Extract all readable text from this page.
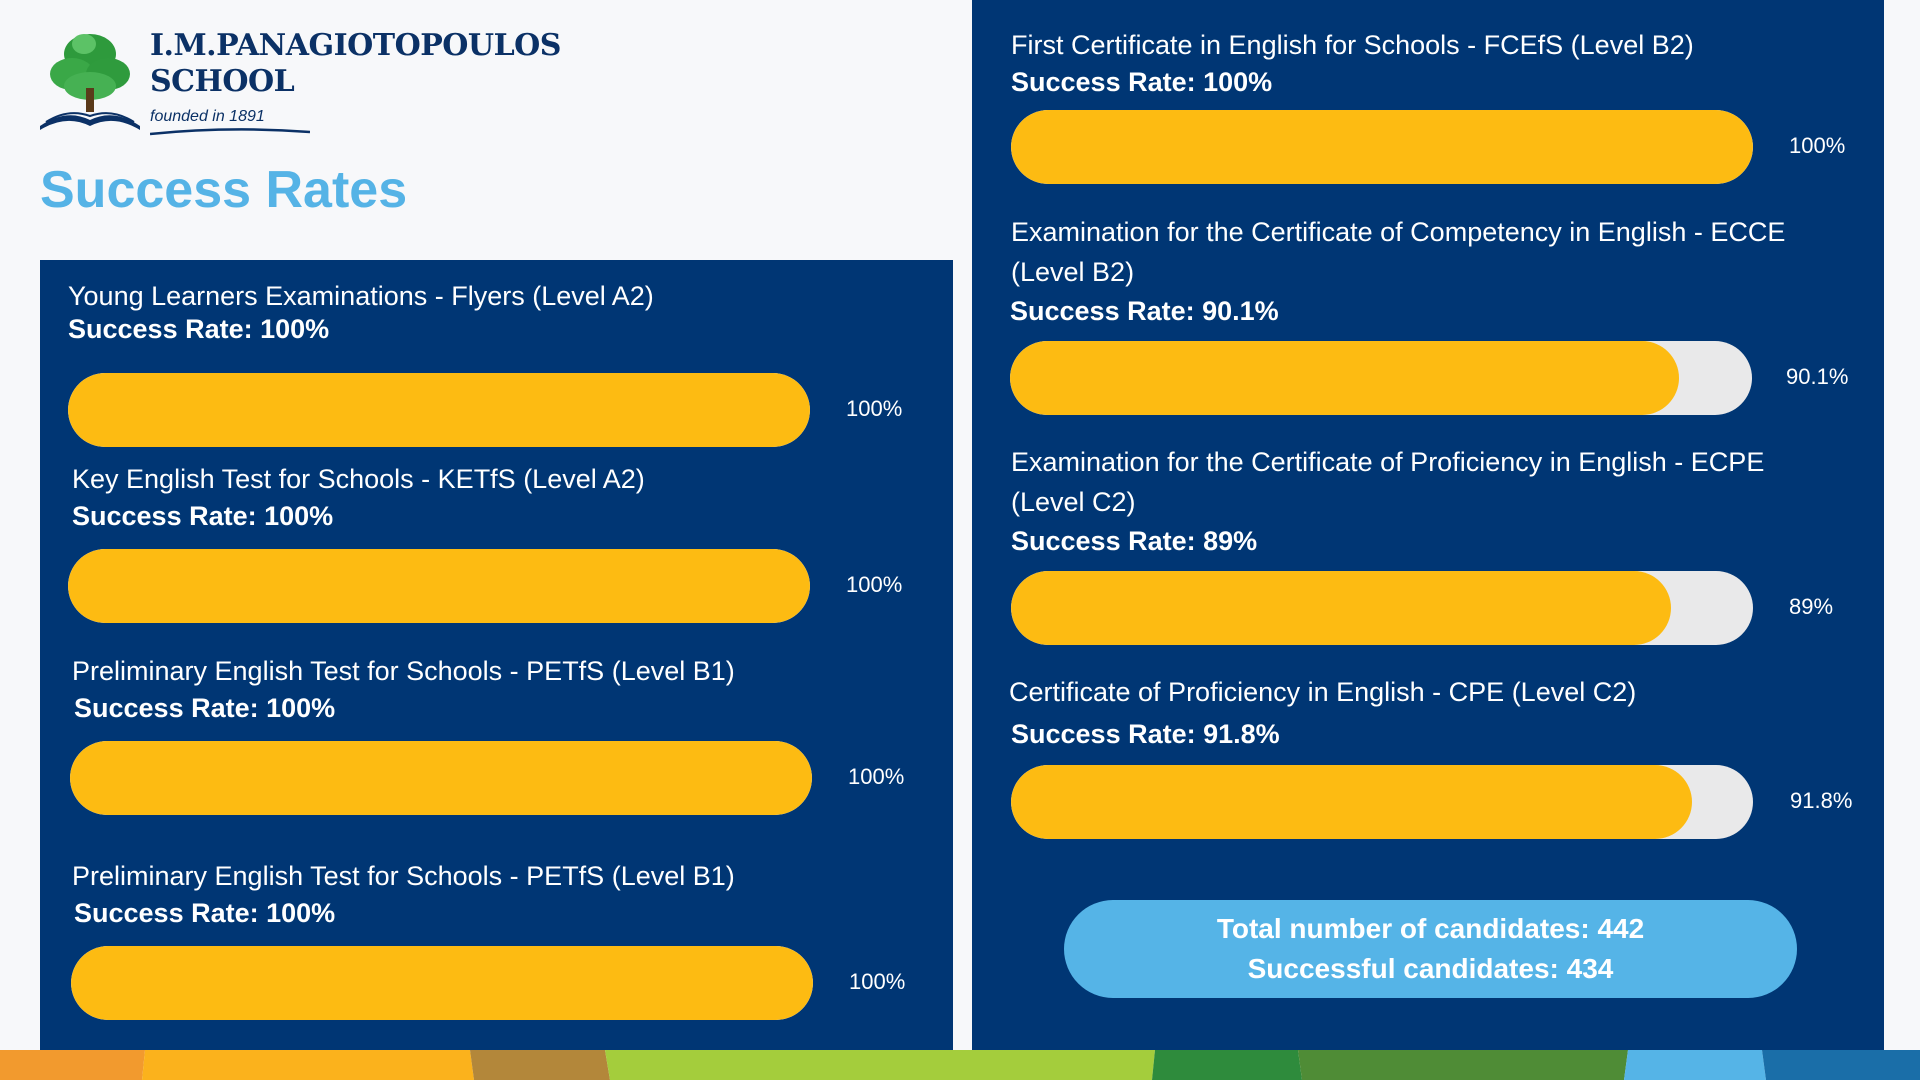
I.M.PANAGIOTOPOULOS
SCHOOL
founded in 1891
Success Rates
Young Learners Examinations - Flyers (Level A2)
Success Rate: 100%
100%
Key English Test for Schools - KETfS (Level A2)
Success Rate: 100%
100%
Preliminary English Test for Schools - PETfS (Level B1)
Success Rate: 100%
100%
Preliminary English Test for Schools - PETfS (Level B1)
Success Rate: 100%
100%
First Certificate in English for Schools - FCEfS (Level B2)
Success Rate: 100%
100%
Examination for the Certificate of Competency in English - ECCE (Level B2)
Success Rate: 90.1%
90.1%
Examination for the Certificate of Proficiency in English - ECPE (Level C2)
Success Rate: 89%
89%
Certificate of Proficiency in English - CPE (Level C2)
Success Rate: 91.8%
91.8%
Total number of candidates: 442
Successful candidates: 434
